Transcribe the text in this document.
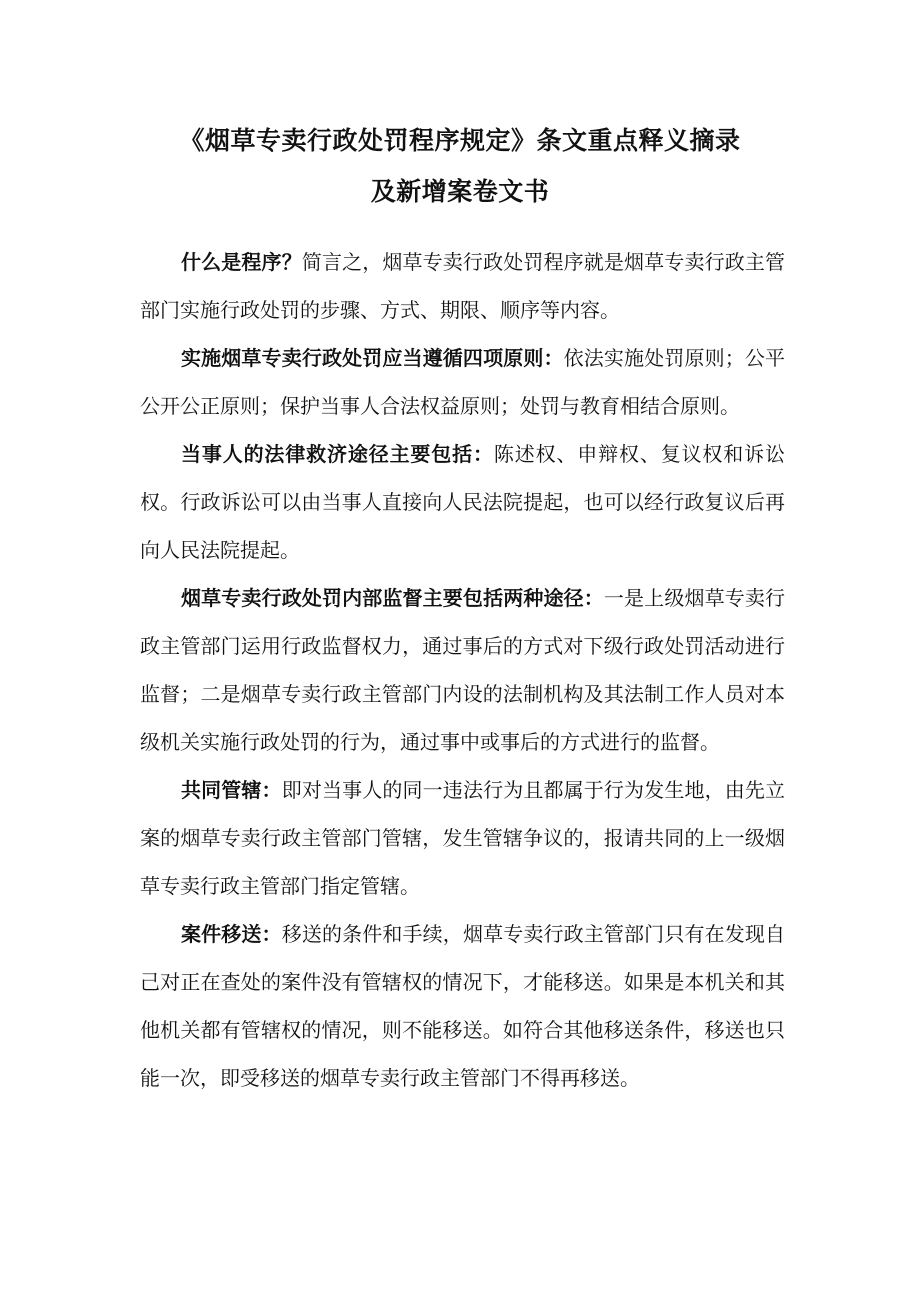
《烟草专卖行政处罚程序规定》条文重点释义摘录
及新增案卷文书

什么是程序？简言之，烟草专卖行政处罚程序就是烟草专卖行政主管部门实施行政处罚的步骤、方式、期限、顺序等内容。

实施烟草专卖行政处罚应当遵循四项原则：依法实施处罚原则；公平公开公正原则；保护当事人合法权益原则；处罚与教育相结合原则。

当事人的法律救济途径主要包括：陈述权、申辩权、复议权和诉讼权。行政诉讼可以由当事人直接向人民法院提起，也可以经行政复议后再向人民法院提起。

烟草专卖行政处罚内部监督主要包括两种途径：一是上级烟草专卖行政主管部门运用行政监督权力，通过事后的方式对下级行政处罚活动进行监督；二是烟草专卖行政主管部门内设的法制机构及其法制工作人员对本级机关实施行政处罚的行为，通过事中或事后的方式进行的监督。

共同管辖：即对当事人的同一违法行为且都属于行为发生地，由先立案的烟草专卖行政主管部门管辖，发生管辖争议的，报请共同的上一级烟草专卖行政主管部门指定管辖。

案件移送：移送的条件和手续，烟草专卖行政主管部门只有在发现自己对正在查处的案件没有管辖权的情况下，才能移送。如果是本机关和其他机关都有管辖权的情况，则不能移送。如符合其他移送条件，移送也只能一次，即受移送的烟草专卖行政主管部门不得再移送。
